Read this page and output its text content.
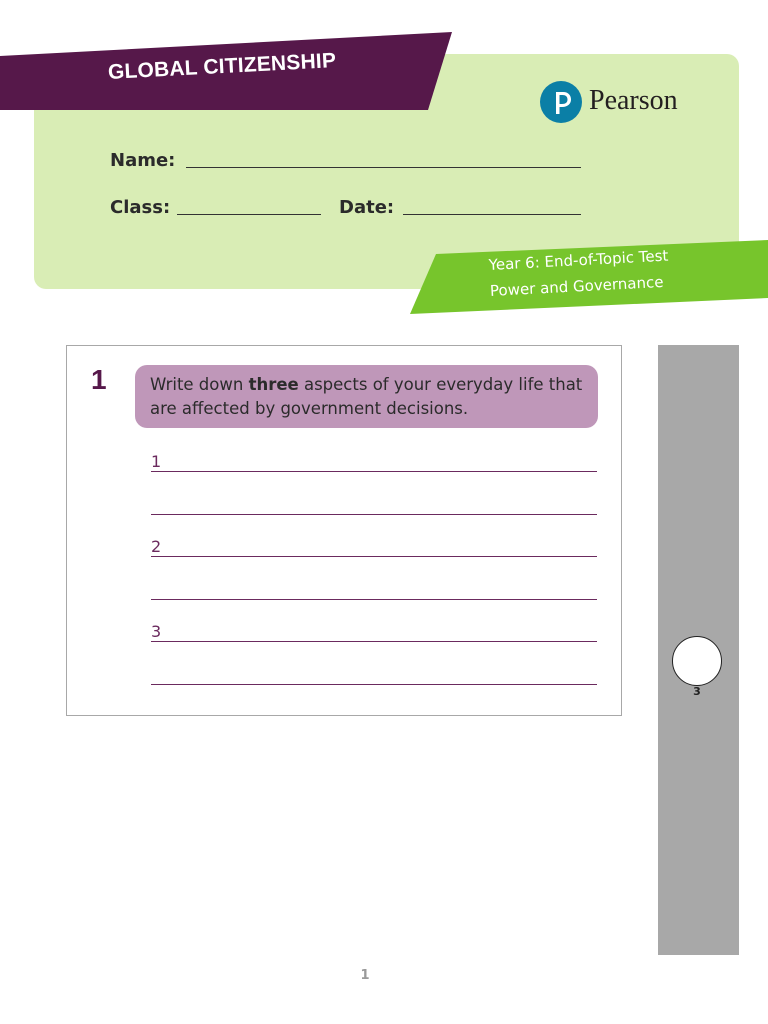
GLOBAL CITIZENSHIP
Pearson
Name:
Class:	Date:
Year 6: End-of-Topic Test
Power and Governance
1	Write down three aspects of your everyday life that are affected by government decisions.
1
2
3
3
1
